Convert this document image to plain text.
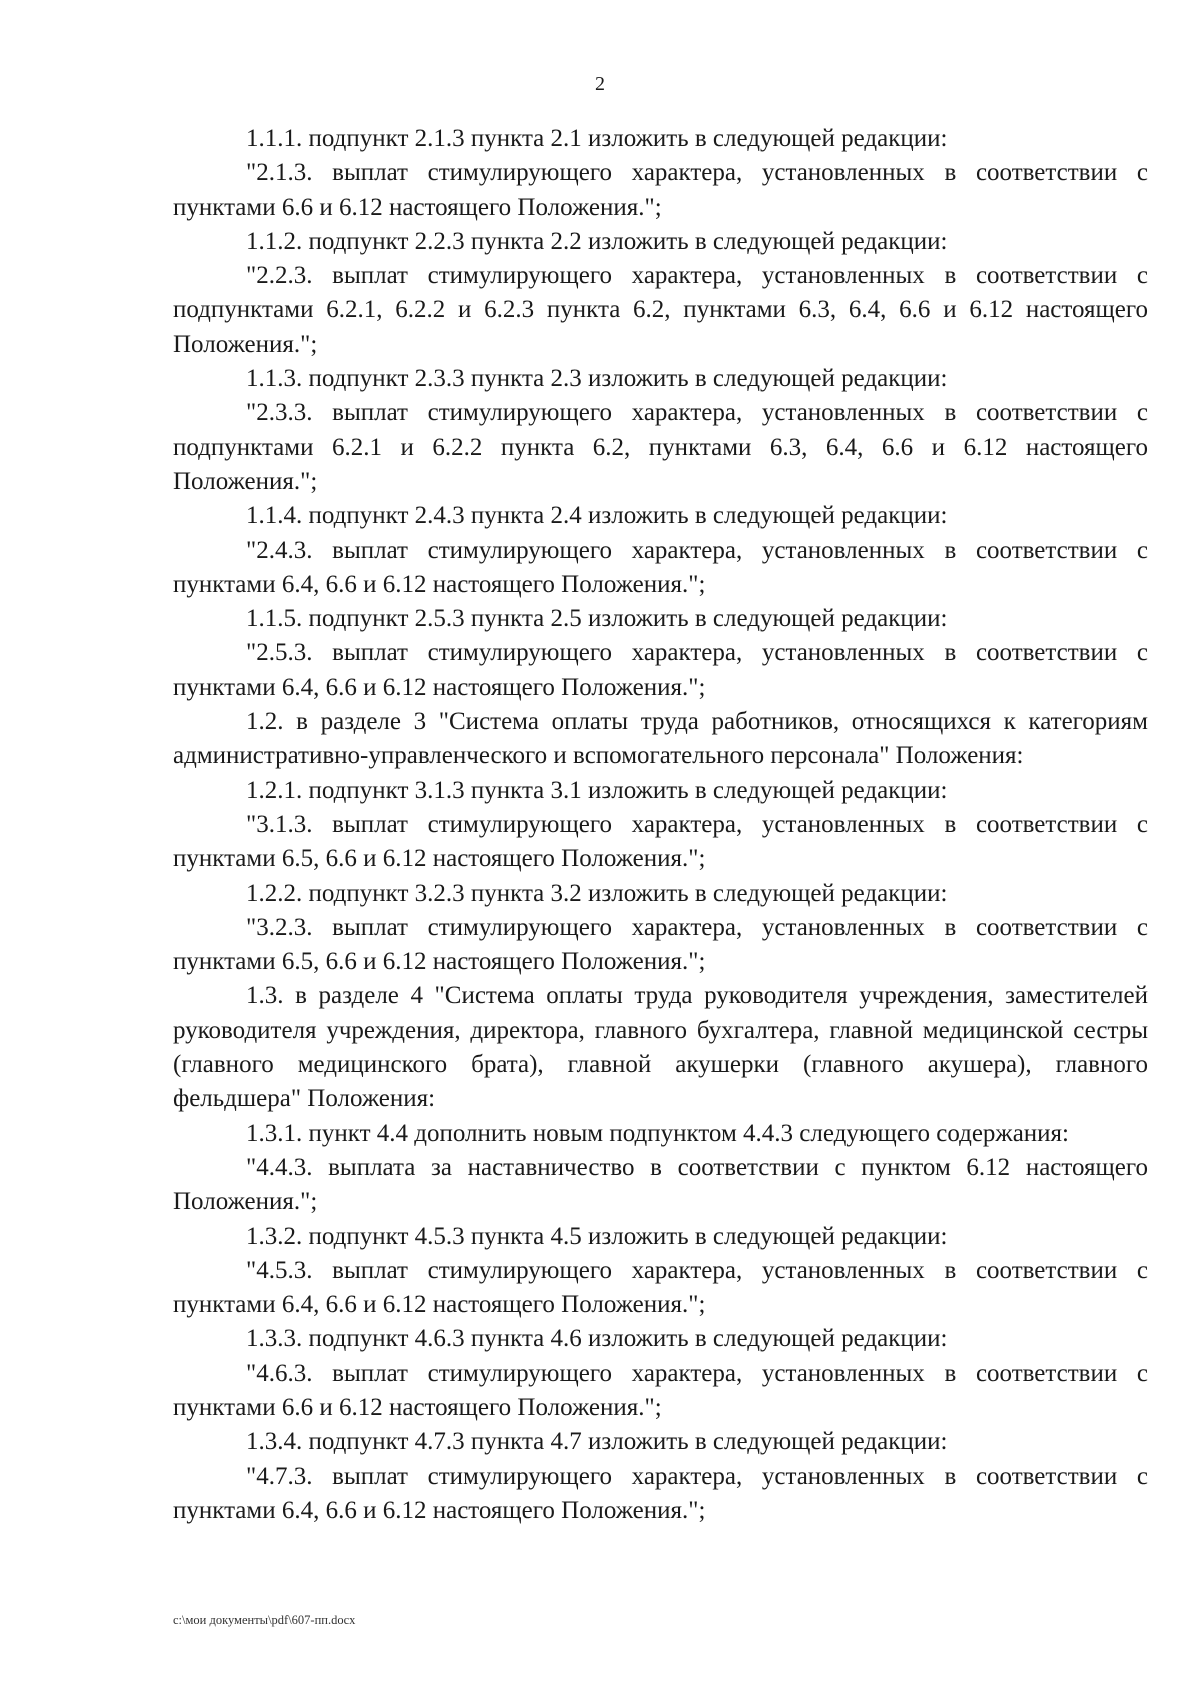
2

1.1.1. подпункт 2.1.3 пункта 2.1 изложить в следующей редакции:

"2.1.3. выплат стимулирующего характера, установленных в соответствии с пунктами 6.6 и 6.12 настоящего Положения.";

1.1.2. подпункт 2.2.3 пункта 2.2 изложить в следующей редакции:

"2.2.3. выплат стимулирующего характера, установленных в соответствии с подпунктами 6.2.1, 6.2.2 и 6.2.3 пункта 6.2, пунктами 6.3, 6.4, 6.6 и 6.12 настоящего Положения.";

1.1.3. подпункт 2.3.3 пункта 2.3 изложить в следующей редакции:

"2.3.3. выплат стимулирующего характера, установленных в соответствии с подпунктами 6.2.1 и 6.2.2 пункта 6.2, пунктами 6.3, 6.4, 6.6 и 6.12 настоящего Положения.";

1.1.4. подпункт 2.4.3 пункта 2.4 изложить в следующей редакции:

"2.4.3. выплат стимулирующего характера, установленных в соответствии с пунктами 6.4, 6.6 и 6.12 настоящего Положения.";

1.1.5. подпункт 2.5.3 пункта 2.5 изложить в следующей редакции:

"2.5.3. выплат стимулирующего характера, установленных в соответствии с пунктами 6.4, 6.6 и 6.12 настоящего Положения.";

1.2. в разделе 3 "Система оплаты труда работников, относящихся к категориям административно-управленческого и вспомогательного персонала" Положения:

1.2.1. подпункт 3.1.3 пункта 3.1 изложить в следующей редакции:

"3.1.3. выплат стимулирующего характера, установленных в соответствии с пунктами 6.5, 6.6 и 6.12 настоящего Положения.";

1.2.2. подпункт 3.2.3 пункта 3.2 изложить в следующей редакции:

"3.2.3. выплат стимулирующего характера, установленных в соответствии с пунктами 6.5, 6.6 и 6.12 настоящего Положения.";

1.3. в разделе 4 "Система оплаты труда руководителя учреждения, заместителей руководителя учреждения, директора, главного бухгалтера, главной медицинской сестры (главного медицинского брата), главной акушерки (главного акушера), главного фельдшера" Положения:

1.3.1. пункт 4.4 дополнить новым подпунктом 4.4.3 следующего содержания:

"4.4.3. выплата за наставничество в соответствии с пунктом 6.12 настоящего Положения.";

1.3.2. подпункт 4.5.3 пункта 4.5 изложить в следующей редакции:

"4.5.3. выплат стимулирующего характера, установленных в соответствии с пунктами 6.4, 6.6 и 6.12 настоящего Положения.";

1.3.3. подпункт 4.6.3 пункта 4.6 изложить в следующей редакции:

"4.6.3. выплат стимулирующего характера, установленных в соответствии с пунктами 6.6 и 6.12 настоящего Положения.";

1.3.4. подпункт 4.7.3 пункта 4.7 изложить в следующей редакции:

"4.7.3. выплат стимулирующего характера, установленных в соответствии с пунктами 6.4, 6.6 и 6.12 настоящего Положения.";

c:\мои документы\pdf\607-пп.docx
